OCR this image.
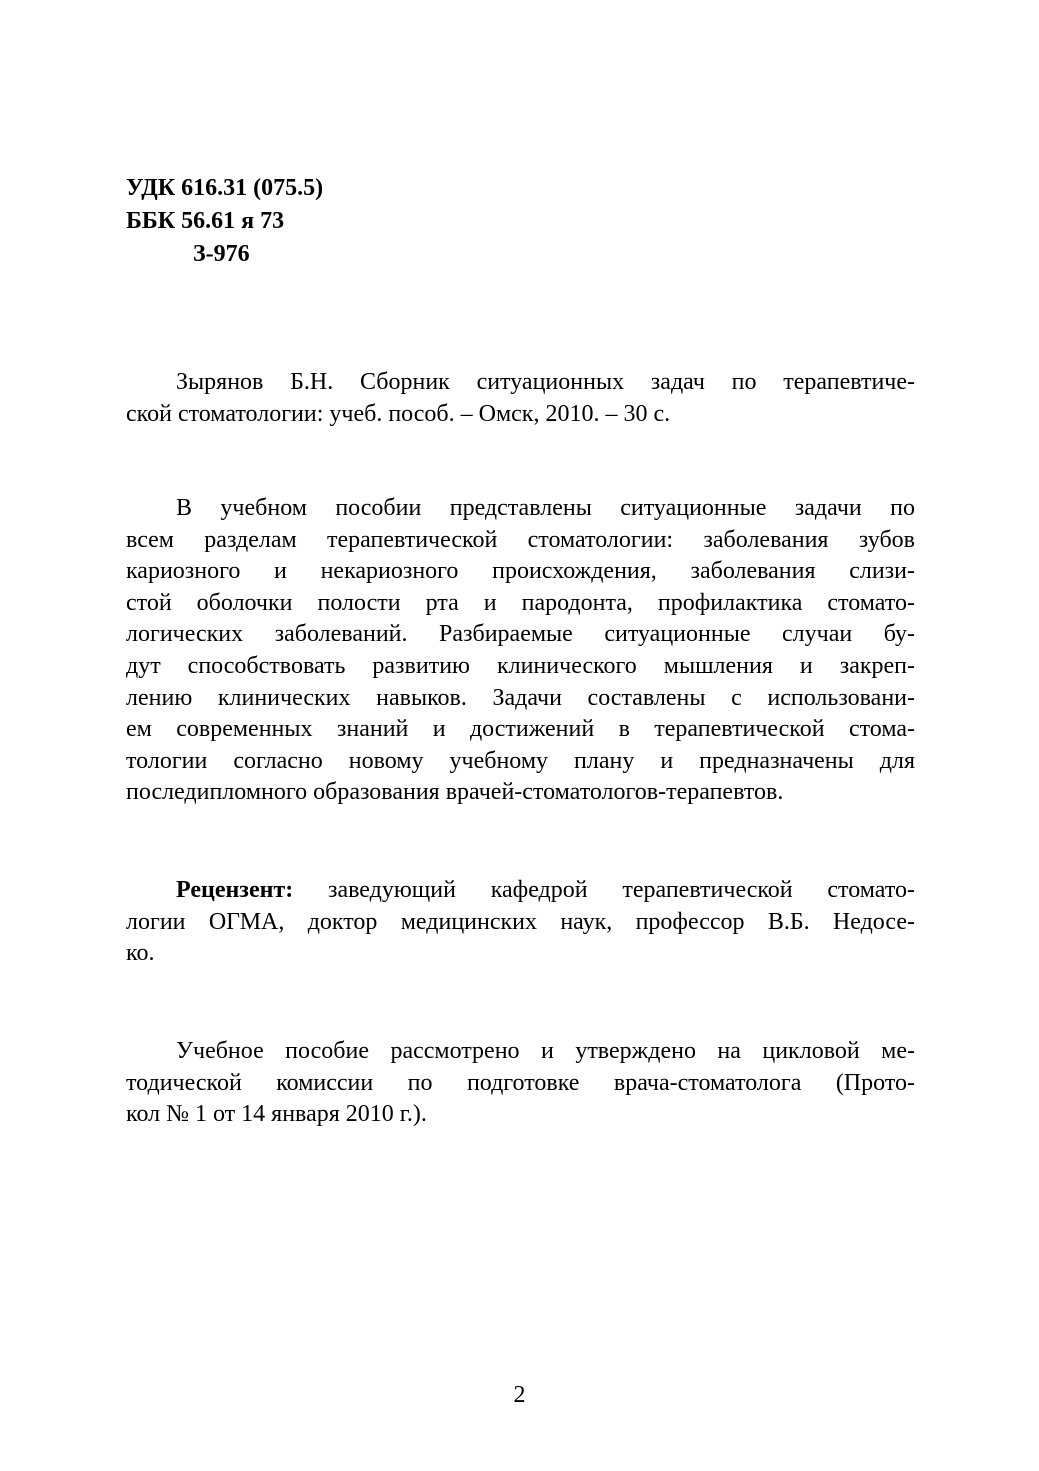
УДК 616.31 (075.5)
ББК 56.61 я 73
З-976
Зырянов Б.Н. Сборник ситуационных задач по терапевтиче-
ской стоматологии: учеб. пособ. – Омск, 2010. – 30 с.
В учебном пособии представлены ситуационные задачи по
всем разделам терапевтической стоматологии: заболевания зубов
кариозного и некариозного происхождения, заболевания слизи-
стой оболочки полости рта и пародонта, профилактика стомато-
логических заболеваний. Разбираемые ситуационные случаи бу-
дут способствовать развитию клинического мышления и закреп-
лению клинических навыков. Задачи составлены с использовани-
ем современных знаний и достижений в терапевтической стома-
тологии согласно новому учебному плану и предназначены для
последипломного образования врачей-стоматологов-терапевтов.
Рецензент: заведующий кафедрой терапевтической стомато-
логии ОГМА, доктор медицинских наук, профессор В.Б. Недосе-
ко.
Учебное пособие рассмотрено и утверждено на цикловой ме-
тодической комиссии по подготовке врача-стоматолога (Прото-
кол № 1 от 14 января 2010 г.).
2
